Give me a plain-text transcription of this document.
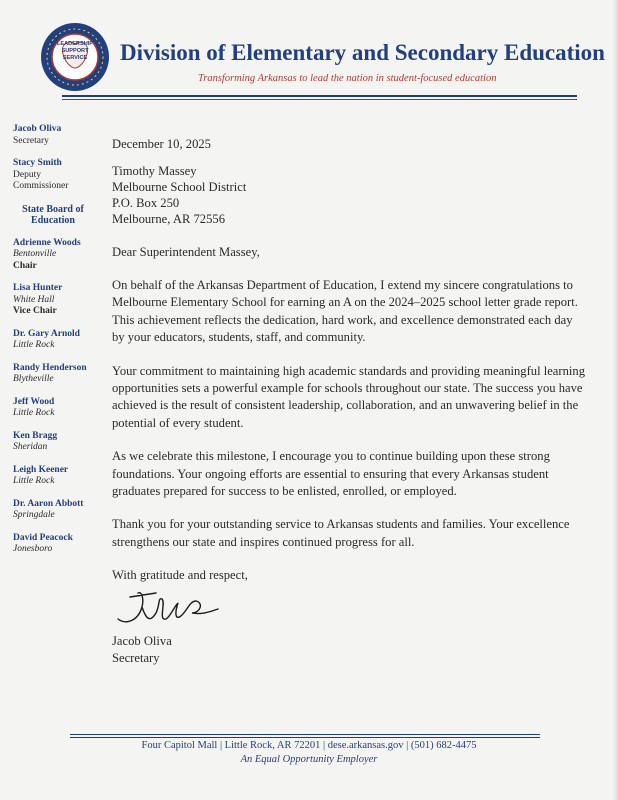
LEADERSHIP
SUPPORT
SERVICE	Division of Elementary and Secondary Education
Transforming Arkansas to lead the nation in student-focused education
Jacob Oliva
Secretary
Stacy Smith
Deputy Commissioner
State Board of Education
Adrienne Woods
Bentonville
Chair
Lisa Hunter
White Hall
Vice Chair
Dr. Gary Arnold
Little Rock
Randy Henderson
Blytheville
Jeff Wood
Little Rock
Ken Bragg
Sheridan
Leigh Keener
Little Rock
Dr. Aaron Abbott
Springdale
David Peacock
Jonesboro
December 10, 2025
Timothy Massey
Melbourne School District
P.O. Box 250
Melbourne, AR 72556
Dear Superintendent Massey,

On behalf of the Arkansas Department of Education, I extend my sincere congratulations to Melbourne Elementary School for earning an A on the 2024–2025 school letter grade report. This achievement reflects the dedication, hard work, and excellence demonstrated each day by your educators, students, staff, and community.

Your commitment to maintaining high academic standards and providing meaningful learning opportunities sets a powerful example for schools throughout our state. The success you have achieved is the result of consistent leadership, collaboration, and an unwavering belief in the potential of every student.

As we celebrate this milestone, I encourage you to continue building upon these strong foundations. Your ongoing efforts are essential to ensuring that every Arkansas student graduates prepared for success to be enlisted, enrolled, or employed.

Thank you for your outstanding service to Arkansas students and families. Your excellence strengthens our state and inspires continued progress for all.

With gratitude and respect,
Jacob Oliva
Secretary
Four Capitol Mall | Little Rock, AR 72201 | dese.arkansas.gov | (501) 682-4475
An Equal Opportunity Employer
